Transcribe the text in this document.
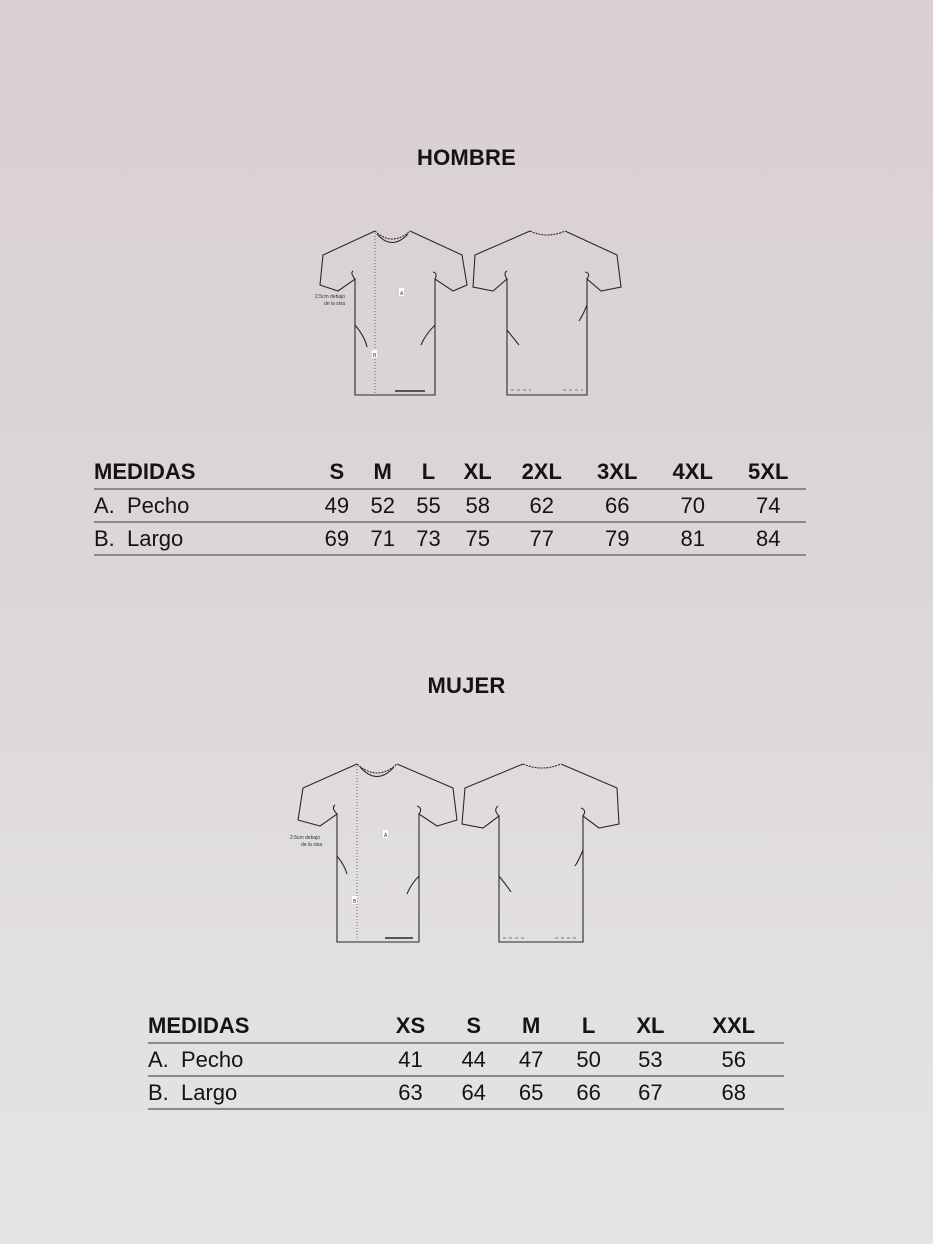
HOMBRE
A
B
2.5cm debajo
de la sisa
MEDIDAS	S	M	L	XL	2XL	3XL	4XL	5XL
A.  Pecho	49	52	55	58	62	66	70	74
B.  Largo	69	71	73	75	77	79	81	84
MUJER
A
B
2.5cm debajo
de la sisa
MEDIDAS	XS	S	M	L	XL	XXL
A.  Pecho	41	44	47	50	53	56
B.  Largo	63	64	65	66	67	68
